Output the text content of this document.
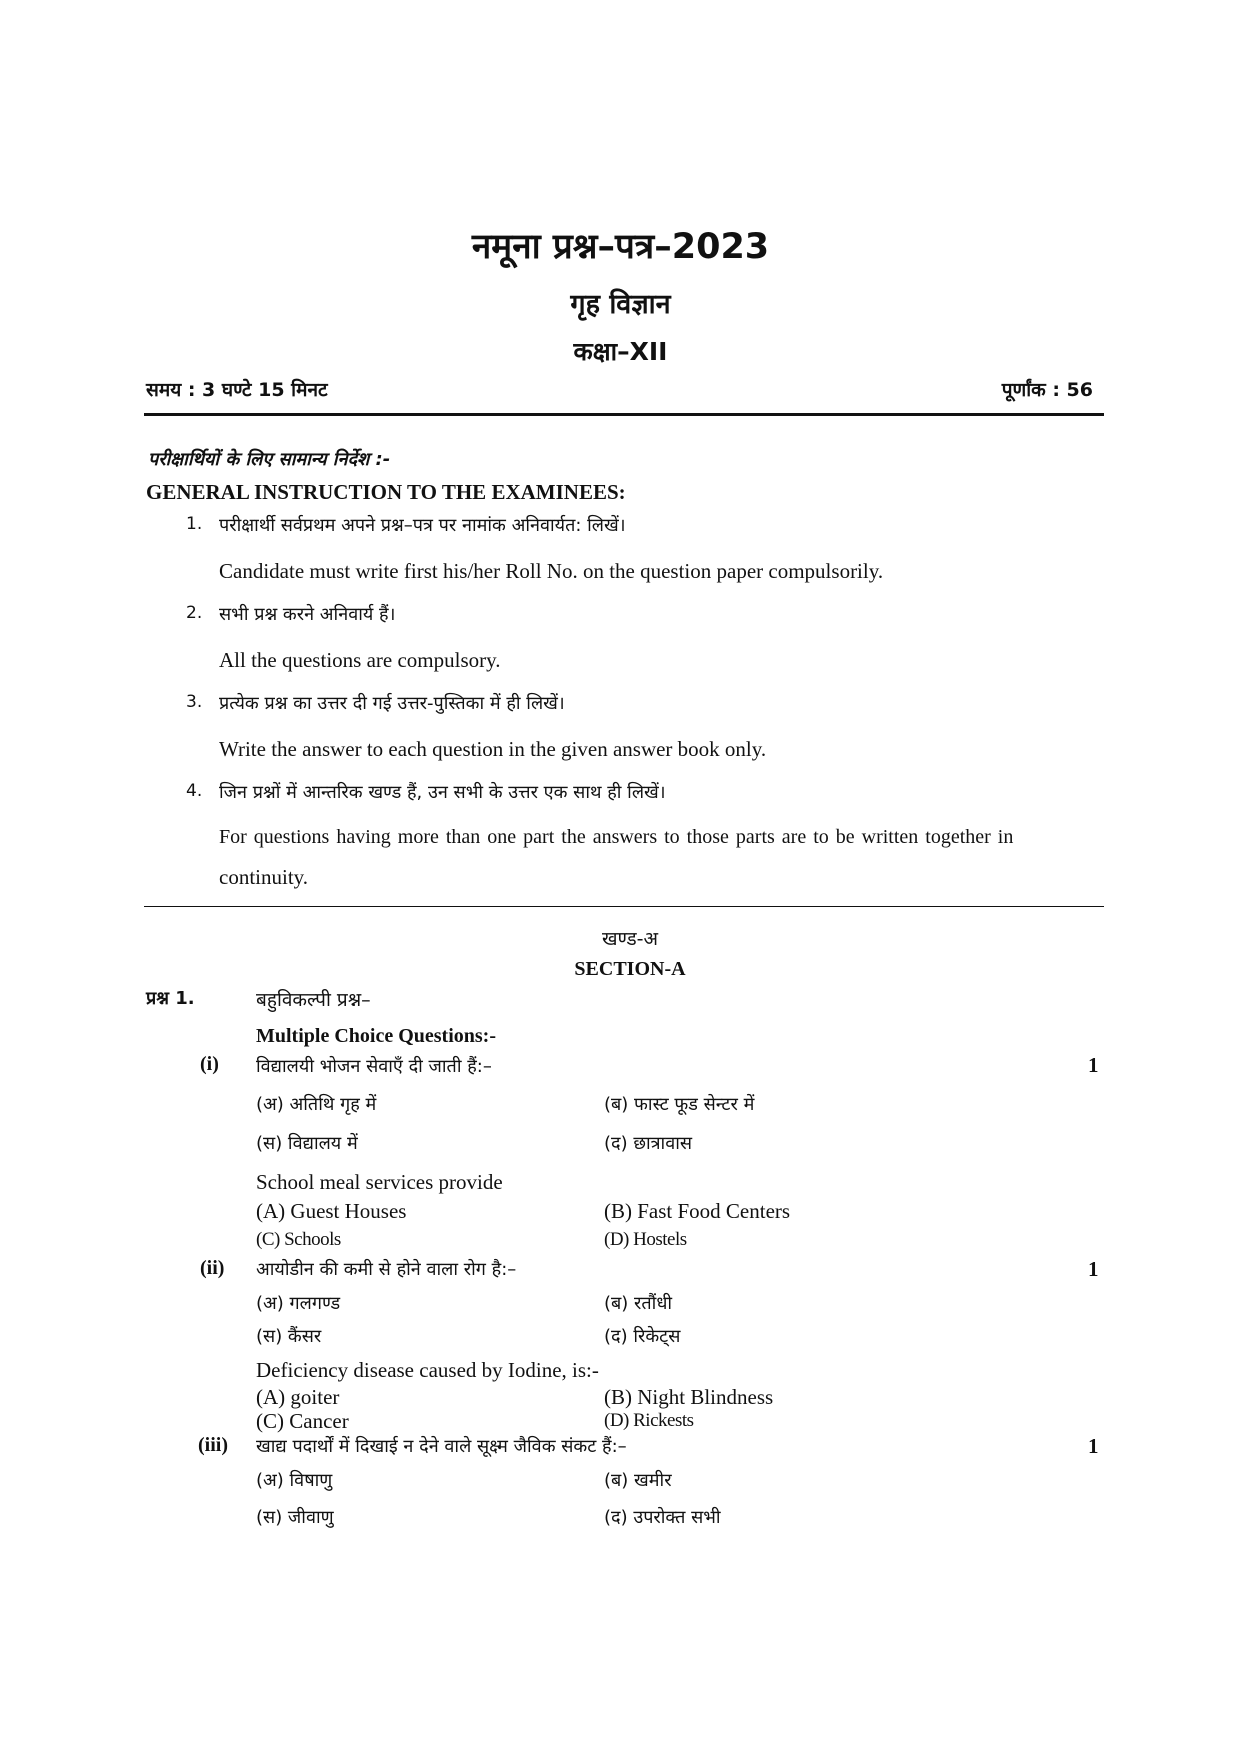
नमूना प्रश्न–पत्र–2023
गृह विज्ञान
कक्षा–XII
समय : 3 घण्टे 15 मिनट	पूर्णांक : 56
परीक्षार्थियों के लिए सामान्य निर्देश :-
GENERAL INSTRUCTION TO THE EXAMINEES:
1. परीक्षार्थी सर्वप्रथम अपने प्रश्न–पत्र पर नामांक अनिवार्यत: लिखें।
Candidate must write first his/her Roll No. on the question paper compulsorily.
2. सभी प्रश्न करने अनिवार्य हैं।
All the questions are compulsory.
3. प्रत्येक प्रश्न का उत्तर दी गई उत्तर-पुस्तिका में ही लिखें।
Write the answer to each question in the given answer book only.
4. जिन प्रश्नों में आन्तरिक खण्ड हैं, उन सभी के उत्तर एक साथ ही लिखें।
For questions having more than one part the answers to those parts are to be written together in
continuity.
खण्ड-अ
SECTION-A
प्रश्न 1.	बहुविकल्पी प्रश्न–
Multiple Choice Questions:-
(i) विद्यालयी भोजन सेवाएँ दी जाती हैं:–	1
(अ) अतिथि गृह में	(ब) फास्ट फूड सेन्टर में
(स) विद्यालय में	(द) छात्रावास
School meal services provide
(A) Guest Houses	(B) Fast Food Centers
(C) Schools	(D) Hostels
(ii) आयोडीन की कमी से होने वाला रोग है:–	1
(अ) गलगण्ड	(ब) रतौंधी
(स) कैंसर	(द) रिकेट्स
Deficiency disease caused by Iodine, is:-
(A) goiter	(B) Night Blindness
(C) Cancer	(D) Rickests
(iii) खाद्य पदार्थों में दिखाई न देने वाले सूक्ष्म जैविक संकट हैं:–	1
(अ) विषाणु	(ब) खमीर
(स) जीवाणु	(द) उपरोक्त सभी
